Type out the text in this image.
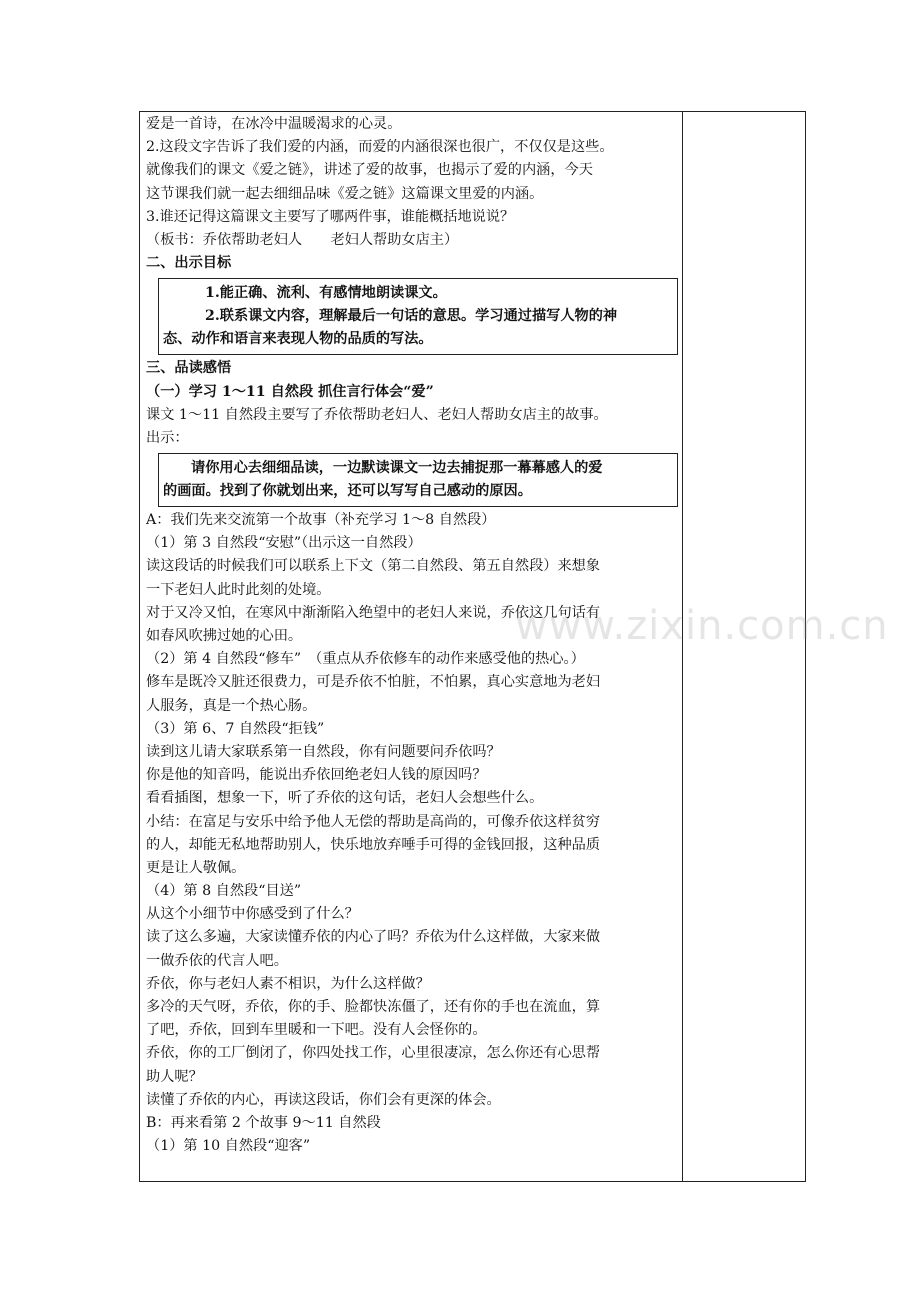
爱是一首诗，在冰冷中温暖渴求的心灵。
2.这段文字告诉了我们爱的内涵，而爱的内涵很深也很广，不仅仅是这些。
就像我们的课文《爱之链》，讲述了爱的故事，也揭示了爱的内涵，今天
这节课我们就一起去细细品味《爱之链》这篇课文里爱的内涵。
3.谁还记得这篇课文主要写了哪两件事，谁能概括地说说？
（板书：乔依帮助老妇人　　老妇人帮助女店主）
二、出示目标
1.能正确、流利、有感情地朗读课文。
2.联系课文内容，理解最后一句话的意思。学习通过描写人物的神
态、动作和语言来表现人物的品质的写法。
三、品读感悟
（一）学习 1～11 自然段 抓住言行体会“爱”
课文 1～11 自然段主要写了乔依帮助老妇人、老妇人帮助女店主的故事。
出示：
请你用心去细细品读，一边默读课文一边去捕捉那一幕幕感人的爱
的画面。找到了你就划出来，还可以写写自己感动的原因。
A：我们先来交流第一个故事（补充学习 1～8 自然段）
（1）第 3 自然段“安慰”（出示这一自然段）
读这段话的时候我们可以联系上下文（第二自然段、第五自然段）来想象
一下老妇人此时此刻的处境。
对于又冷又怕，在寒风中渐渐陷入绝望中的老妇人来说，乔依这几句话有
如春风吹拂过她的心田。
（2）第 4 自然段“修车”　（重点从乔依修车的动作来感受他的热心。）
修车是既冷又脏还很费力，可是乔依不怕脏，不怕累，真心实意地为老妇
人服务，真是一个热心肠。
（3）第 6、7 自然段“拒钱”
读到这儿请大家联系第一自然段，你有问题要问乔依吗？
你是他的知音吗，能说出乔依回绝老妇人钱的原因吗？
看看插图，想象一下，听了乔依的这句话，老妇人会想些什么。
小结：在富足与安乐中给予他人无偿的帮助是高尚的，可像乔依这样贫穷
的人，却能无私地帮助别人，快乐地放弃唾手可得的金钱回报，这种品质
更是让人敬佩。
（4）第 8 自然段“目送”
从这个小细节中你感受到了什么？
读了这么多遍，大家读懂乔依的内心了吗？乔依为什么这样做，大家来做
一做乔依的代言人吧。
乔依，你与老妇人素不相识，为什么这样做？
多冷的天气呀，乔依，你的手、脸都快冻僵了，还有你的手也在流血，算
了吧，乔依，回到车里暖和一下吧。没有人会怪你的。
乔依，你的工厂倒闭了，你四处找工作，心里很凄凉，怎么你还有心思帮
助人呢？
读懂了乔依的内心，再读这段话，你们会有更深的体会。
B：再来看第 2 个故事 9～11 自然段
（1）第 10 自然段“迎客”
www.zixin.com.cn
